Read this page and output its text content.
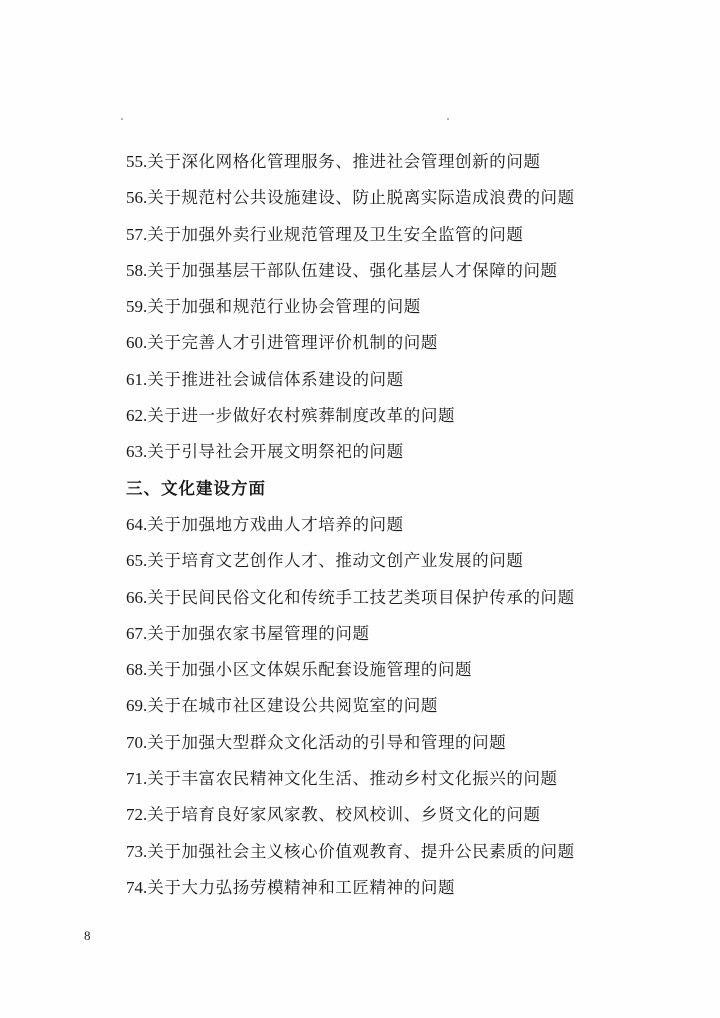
55.关于深化网格化管理服务、推进社会管理创新的问题
56.关于规范村公共设施建设、防止脱离实际造成浪费的问题
57.关于加强外卖行业规范管理及卫生安全监管的问题
58.关于加强基层干部队伍建设、强化基层人才保障的问题
59.关于加强和规范行业协会管理的问题
60.关于完善人才引进管理评价机制的问题
61.关于推进社会诚信体系建设的问题
62.关于进一步做好农村殡葬制度改革的问题
63.关于引导社会开展文明祭祀的问题
三、文化建设方面
64.关于加强地方戏曲人才培养的问题
65.关于培育文艺创作人才、推动文创产业发展的问题
66.关于民间民俗文化和传统手工技艺类项目保护传承的问题
67.关于加强农家书屋管理的问题
68.关于加强小区文体娱乐配套设施管理的问题
69.关于在城市社区建设公共阅览室的问题
70.关于加强大型群众文化活动的引导和管理的问题
71.关于丰富农民精神文化生活、推动乡村文化振兴的问题
72.关于培育良好家风家教、校风校训、乡贤文化的问题
73.关于加强社会主义核心价值观教育、提升公民素质的问题
74.关于大力弘扬劳模精神和工匠精神的问题
8
